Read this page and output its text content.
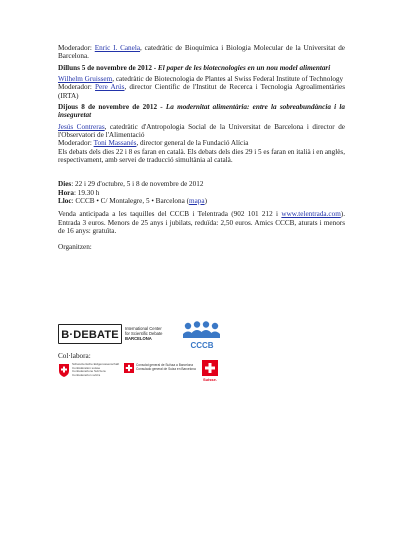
Moderador: Enric I. Canela, catedràtic de Bioquímica i Biologia Molecular de la Universitat de Barcelona.

Dilluns 5 de novembre de 2012 - El paper de les biotecnologies en un nou model alimentari

Wilhelm Gruissem, catedràtic de Biotecnologia de Plantes al Swiss Federal Institute of Technology
Moderador: Pere Arús, director Científic de l'Institut de Recerca i Tecnologia Agroalimentàries (IRTA)

Dijous 8 de novembre de 2012 - La modernitat alimentària: entre la sobreabundància i la inseguretat

Jesús Contreras, catedràtic d'Antropologia Social de la Universitat de Barcelona i director de l'Observatori de l'Alimentació
Moderador: Toni Massanés, director general de la Fundació Alícia
Els debats dels dies 22 i 8 es faran en català. Els debats dels dies 29 i 5 es faran en italià i en anglès, respectivament, amb servei de traducció simultània al català.

Dies: 22 i 29 d'octubre, 5 i 8 de novembre de 2012

Hora: 19.30 h

Lloc: CCCB • C/ Montalegre, 5 • Barcelona (mapa)

Venda anticipada a les taquilles del CCCB i Telentrada (902 101 212 i www.telentrada.com). Entrada 3 euros. Menors de 25 anys i jubilats, reduïda: 2,50 euros. Amics CCCB, aturats i menors de 16 anys: gratuïta.

Organitzen:

B·DEBATE
International Center
for Scientific Debate
BARCELONA
CCCB

Col·labora:

Schweizerische Eidgenossenschaft
Confédération suisse
Confederazione Svizzera
Confederaziun svizra
Consolat general de Suïssa a Barcelona
Consulado general de Suiza en Barcelona
Suisse.
